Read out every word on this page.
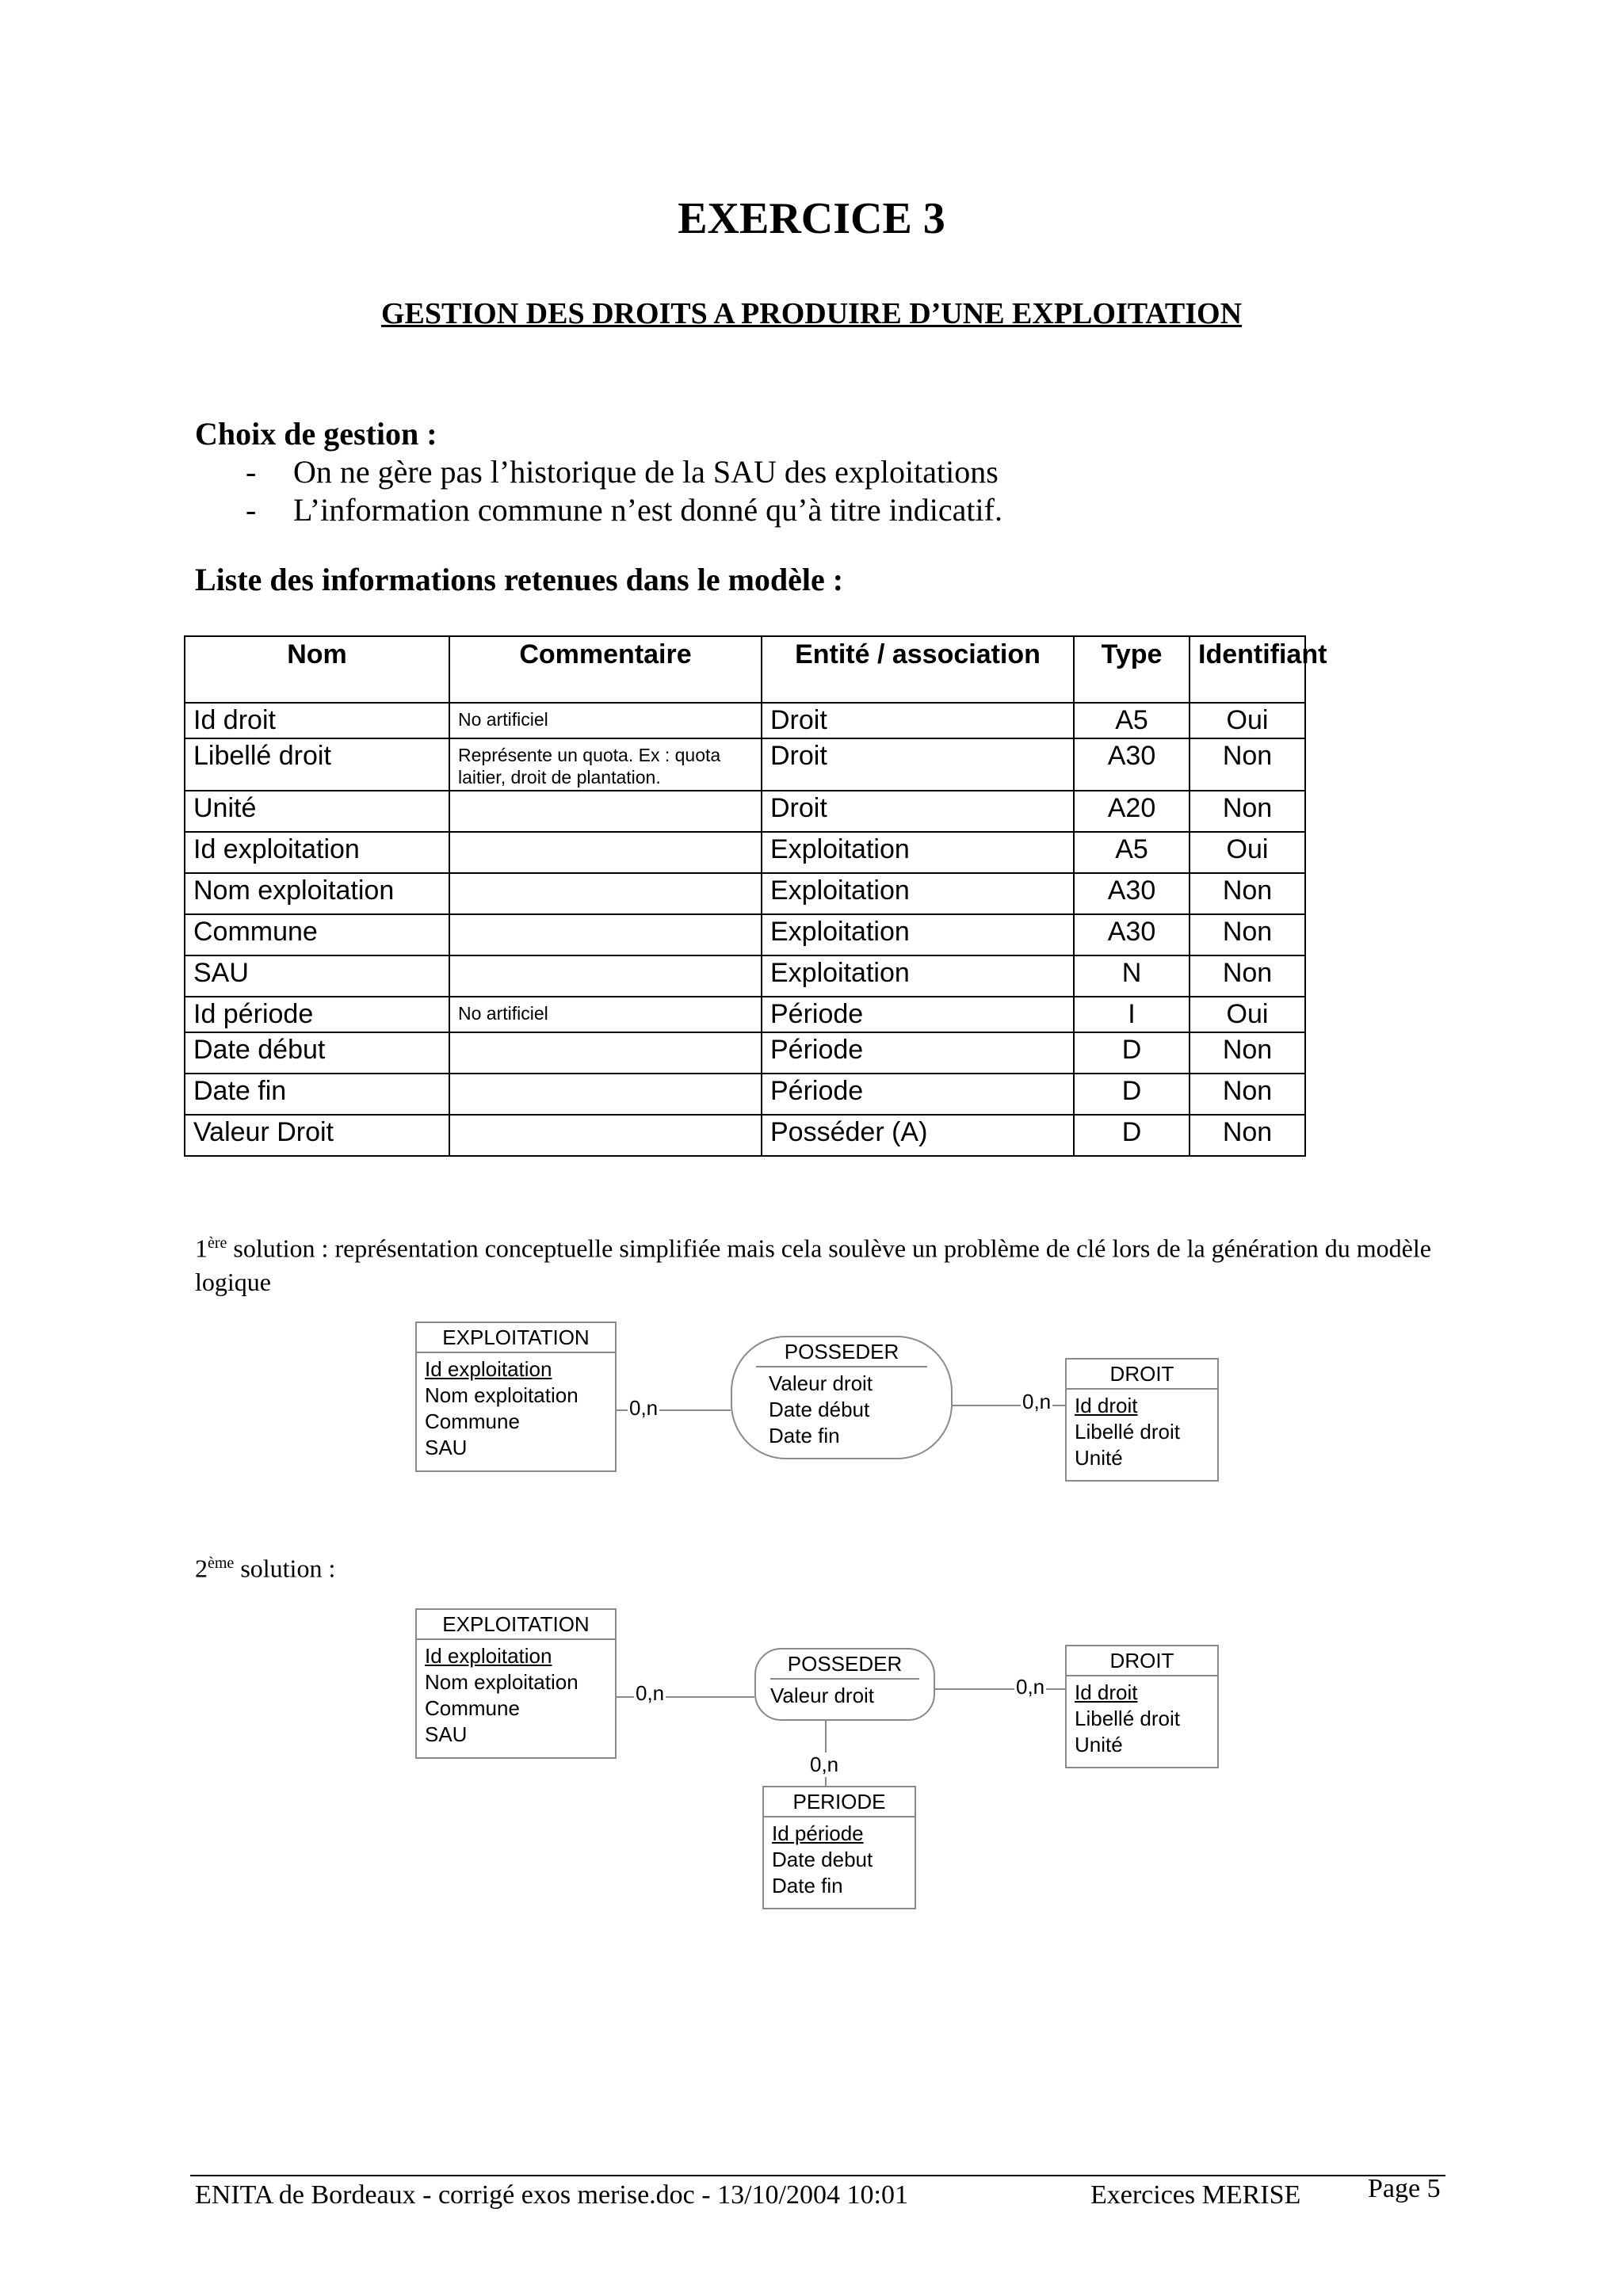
EXERCICE 3
GESTION DES DROITS A PRODUIRE D’UNE EXPLOITATION
Choix de gestion :
- On ne gère pas l’historique de la SAU des exploitations
- L’information commune n’est donné qu’à titre indicatif.
Liste des informations retenues dans le modèle :
Nom	Commentaire	Entité / association	Type	Identifiant
Id droit	No artificiel	Droit	A5	Oui
Libellé droit	Représente un quota. Ex : quota laitier, droit de plantation.	Droit	A30	Non
Unité		Droit	A20	Non
Id exploitation		Exploitation	A5	Oui
Nom exploitation		Exploitation	A30	Non
Commune		Exploitation	A30	Non
SAU		Exploitation	N	Non
Id période	No artificiel	Période	I	Oui
Date début		Période	D	Non
Date fin		Période	D	Non
Valeur Droit		Posséder (A)	D	Non
1ère solution : représentation conceptuelle simplifiée mais cela soulève un problème de clé lors de la génération du modèle logique
EXPLOITATION
Id exploitation
Nom exploitation
Commune
SAU
POSSEDER
Valeur droit
Date début
Date fin
DROIT
Id droit
Libellé droit
Unité
0,n	0,n
2ème solution :
EXPLOITATION
Id exploitation
Nom exploitation
Commune
SAU
POSSEDER
Valeur droit
DROIT
Id droit
Libellé droit
Unité
PERIODE
Id période
Date debut
Date fin
0,n	0,n
0,n
ENITA de Bordeaux - corrigé exos merise.doc - 13/10/2004 10:01	Exercices MERISE Page 5
